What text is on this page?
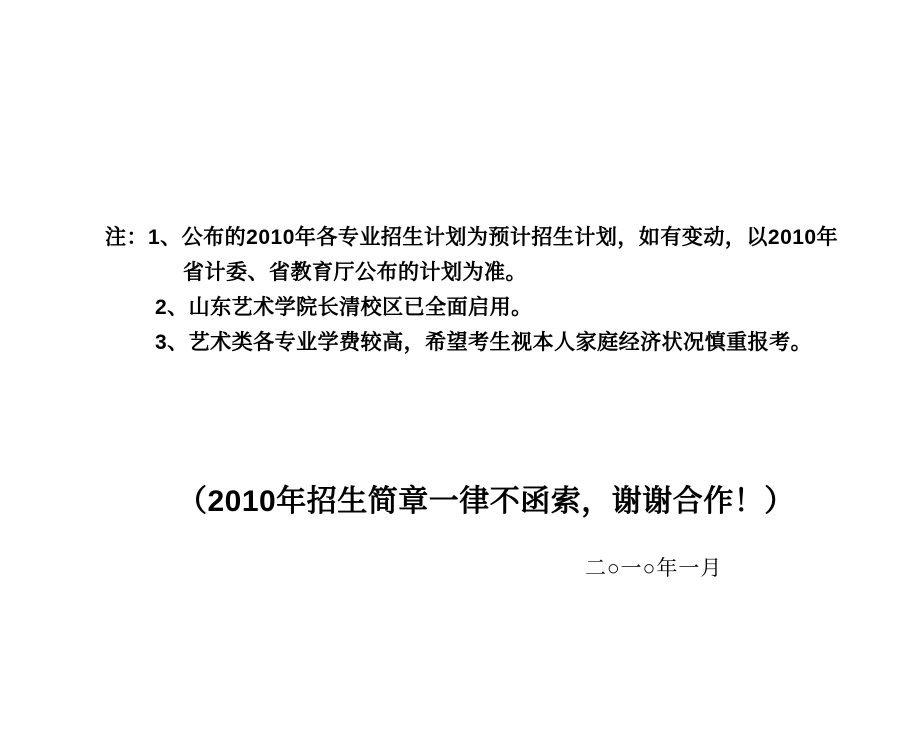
注：1、公布的2010年各专业招生计划为预计招生计划，如有变动，以2010年
省计委、省教育厅公布的计划为准。
2、山东艺术学院长清校区已全面启用。
3、艺术类各专业学费较高，希望考生视本人家庭经济状况慎重报考。
（2010年招生简章一律不函索，谢谢合作！）
二○一○年一月
